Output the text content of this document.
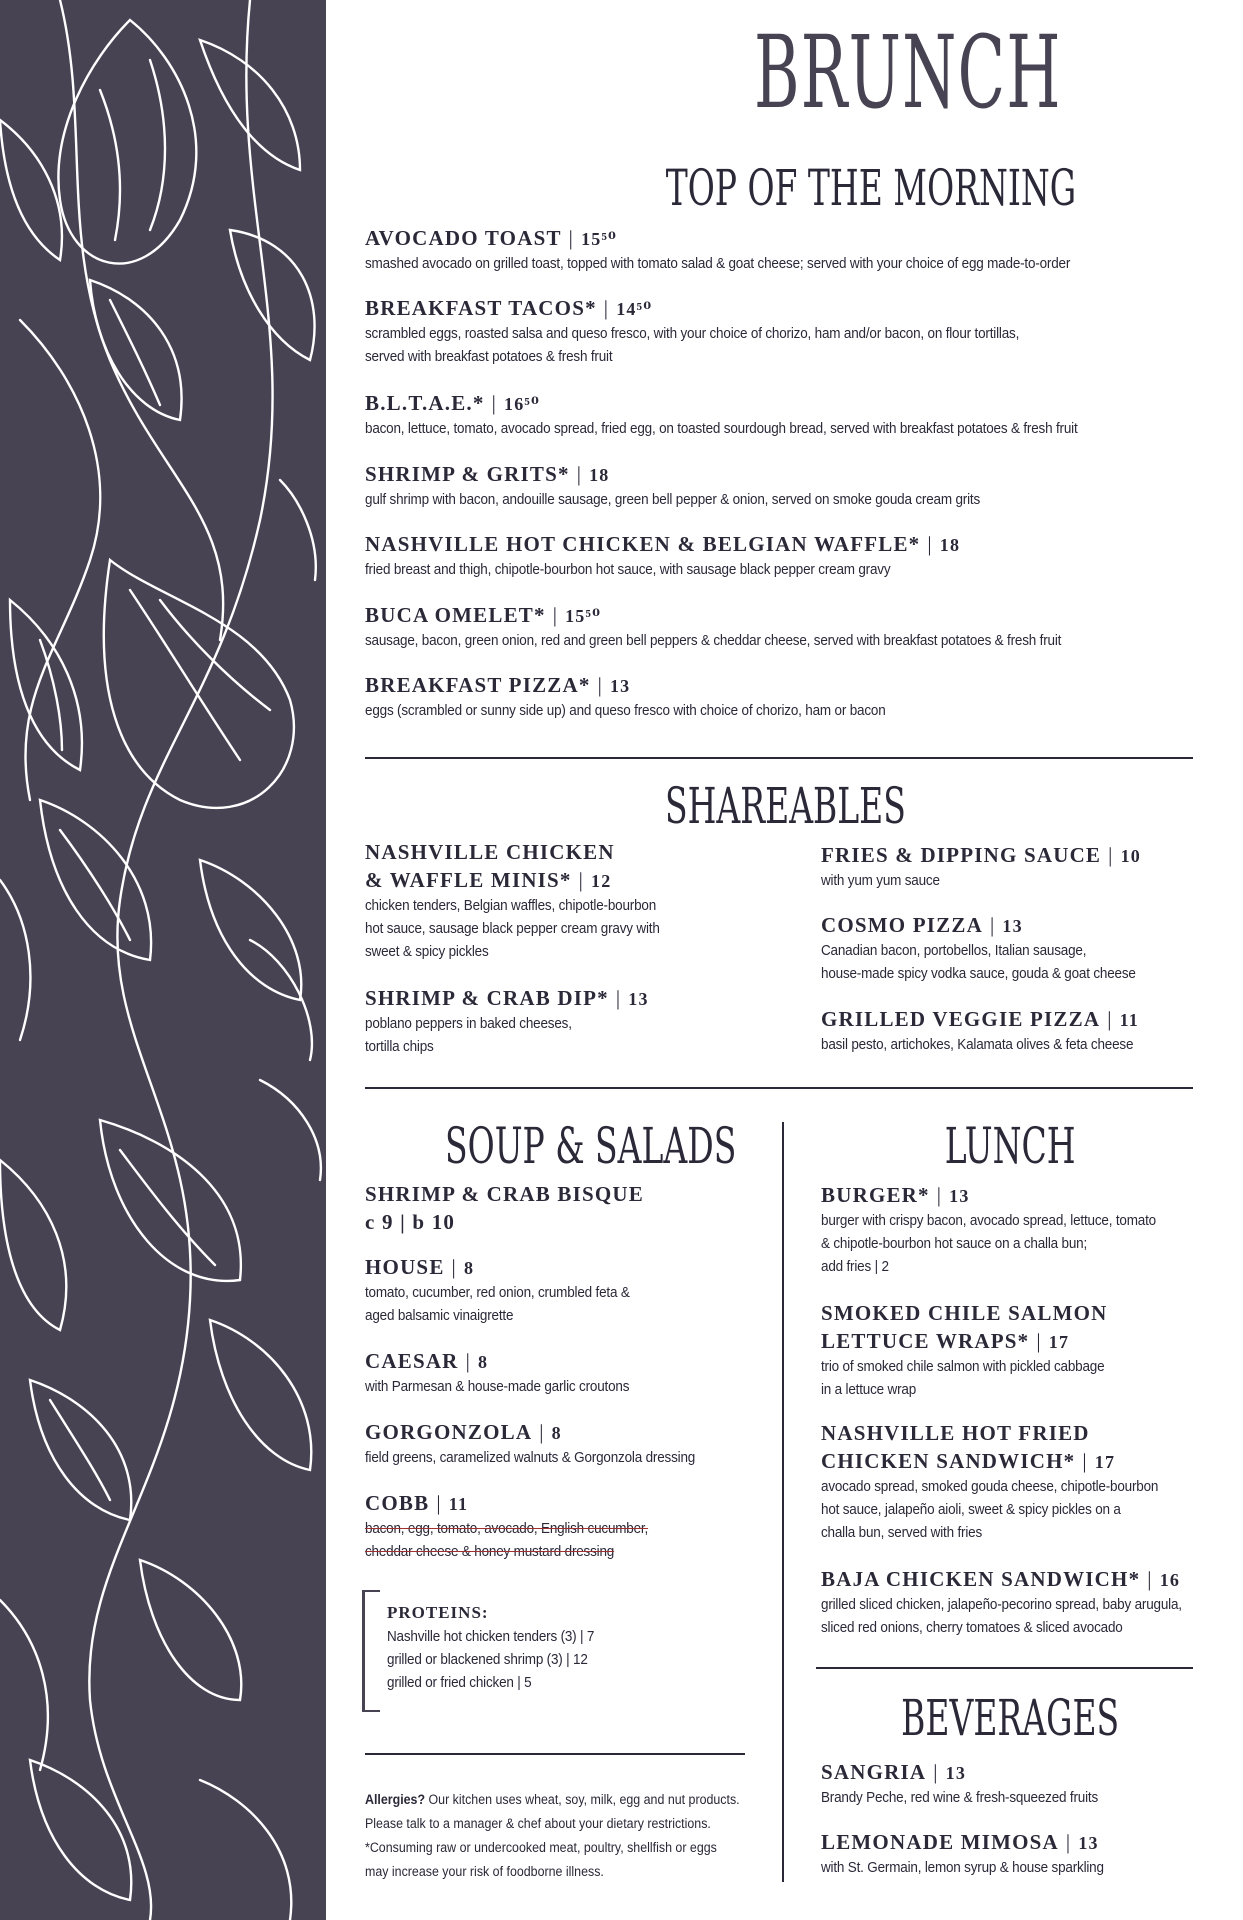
BRUNCH
TOP OF THE MORNING
AVOCADO TOAST | 15⁵⁰
smashed avocado on grilled toast, topped with tomato salad & goat cheese; served with your choice of egg made-to-order
BREAKFAST TACOS* | 14⁵⁰
scrambled eggs, roasted salsa and queso fresco, with your choice of chorizo, ham and/or bacon, on flour tortillas,
served with breakfast potatoes & fresh fruit
B.L.T.A.E.* | 16⁵⁰
bacon, lettuce, tomato, avocado spread, fried egg, on toasted sourdough bread, served with breakfast potatoes & fresh fruit
SHRIMP & GRITS* | 18
gulf shrimp with bacon, andouille sausage, green bell pepper & onion, served on smoke gouda cream grits
NASHVILLE HOT CHICKEN & BELGIAN WAFFLE* | 18
fried breast and thigh, chipotle-bourbon hot sauce, with sausage black pepper cream gravy
BUCA OMELET* | 15⁵⁰
sausage, bacon, green onion, red and green bell peppers & cheddar cheese, served with breakfast potatoes & fresh fruit
BREAKFAST PIZZA* | 13
eggs (scrambled or sunny side up) and queso fresco with choice of chorizo, ham or bacon
SHAREABLES
NASHVILLE CHICKEN
& WAFFLE MINIS* | 12
chicken tenders, Belgian waffles, chipotle-bourbon
hot sauce, sausage black pepper cream gravy with
sweet & spicy pickles
SHRIMP & CRAB DIP* | 13
poblano peppers in baked cheeses,
tortilla chips
FRIES & DIPPING SAUCE | 10
with yum yum sauce
COSMO PIZZA | 13
Canadian bacon, portobellos, Italian sausage,
house-made spicy vodka sauce, gouda & goat cheese
GRILLED VEGGIE PIZZA | 11
basil pesto, artichokes, Kalamata olives & feta cheese
SOUP & SALADS
SHRIMP & CRAB BISQUE
c 9 | b 10
HOUSE | 8
tomato, cucumber, red onion, crumbled feta &
aged balsamic vinaigrette
CAESAR | 8
with Parmesan & house-made garlic croutons
GORGONZOLA | 8
field greens, caramelized walnuts & Gorgonzola dressing
COBB | 11
bacon, egg, tomato, avocado, English cucumber,
cheddar cheese & honey mustard dressing
PROTEINS:
Nashville hot chicken tenders (3) | 7
grilled or blackened shrimp (3) | 12
grilled or fried chicken | 5
Allergies? Our kitchen uses wheat, soy, milk, egg and nut products.
Please talk to a manager & chef about your dietary restrictions.
*Consuming raw or undercooked meat, poultry, shellfish or eggs
may increase your risk of foodborne illness.
LUNCH
BURGER* | 13
burger with crispy bacon, avocado spread, lettuce, tomato
& chipotle-bourbon hot sauce on a challa bun;
add fries | 2
SMOKED CHILE SALMON
LETTUCE WRAPS* | 17
trio of smoked chile salmon with pickled cabbage
in a lettuce wrap
NASHVILLE HOT FRIED
CHICKEN SANDWICH* | 17
avocado spread, smoked gouda cheese, chipotle-bourbon
hot sauce, jalapeño aioli, sweet & spicy pickles on a
challa bun, served with fries
BAJA CHICKEN SANDWICH* | 16
grilled sliced chicken, jalapeño-pecorino spread, baby arugula,
sliced red onions, cherry tomatoes & sliced avocado
BEVERAGES
SANGRIA | 13
Brandy Peche, red wine & fresh-squeezed fruits
LEMONADE MIMOSA | 13
with St. Germain, lemon syrup & house sparkling
